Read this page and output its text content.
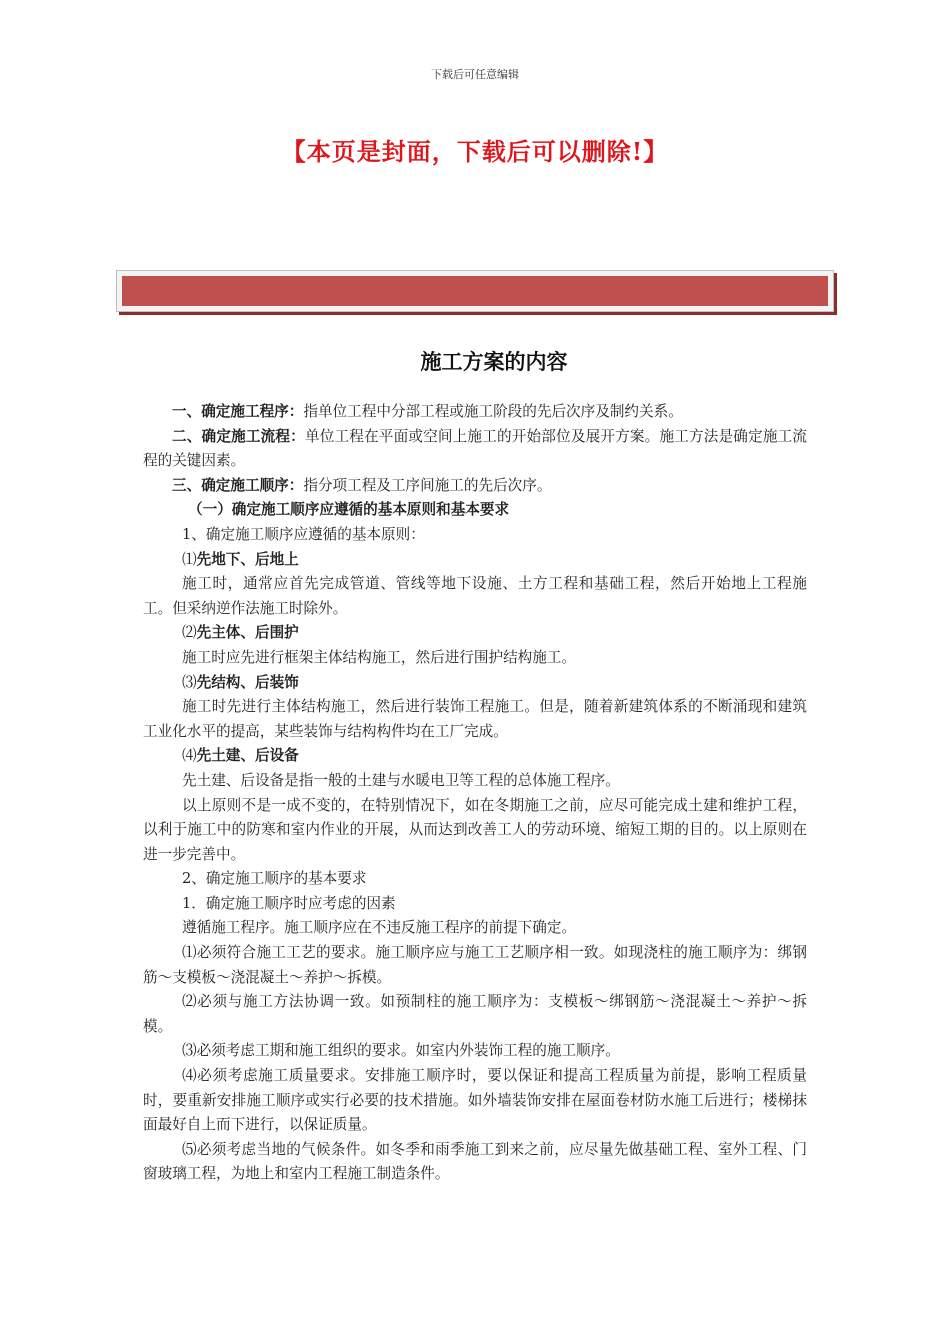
下载后可任意编辑
【本页是封面，下载后可以删除!】
施工方案的内容

一、确定施工程序：指单位工程中分部工程或施工阶段的先后次序及制约关系。

二、确定施工流程：单位工程在平面或空间上施工的开始部位及展开方案。施工方法是确定施工流程的关键因素。

三、确定施工顺序：指分项工程及工序间施工的先后次序。

（一）确定施工顺序应遵循的基本原则和基本要求

1、确定施工顺序应遵循的基本原则：

⑴先地下、后地上

施工时，通常应首先完成管道、管线等地下设施、土方工程和基础工程，然后开始地上工程施工。但采纳逆作法施工时除外。

⑵先主体、后围护

施工时应先进行框架主体结构施工，然后进行围护结构施工。

⑶先结构、后装饰

施工时先进行主体结构施工，然后进行装饰工程施工。但是，随着新建筑体系的不断涌现和建筑工业化水平的提高，某些装饰与结构构件均在工厂完成。

⑷先土建、后设备

先土建、后设备是指一般的土建与水暖电卫等工程的总体施工程序。

以上原则不是一成不变的，在特别情况下，如在冬期施工之前，应尽可能完成土建和维护工程，以利于施工中的防寒和室内作业的开展，从而达到改善工人的劳动环境、缩短工期的目的。以上原则在进一步完善中。

2、确定施工顺序的基本要求

1．确定施工顺序时应考虑的因素

遵循施工程序。施工顺序应在不违反施工程序的前提下确定。

⑴必须符合施工工艺的要求。施工顺序应与施工工艺顺序相一致。如现浇柱的施工顺序为：绑钢筋～支模板～浇混凝土～养护～拆模。

⑵必须与施工方法协调一致。如预制柱的施工顺序为：支模板～绑钢筋～浇混凝土～养护～拆模。

⑶必须考虑工期和施工组织的要求。如室内外装饰工程的施工顺序。

⑷必须考虑施工质量要求。安排施工顺序时，要以保证和提高工程质量为前提，影响工程质量时，要重新安排施工顺序或实行必要的技术措施。如外墙装饰安排在屋面卷材防水施工后进行；楼梯抹面最好自上而下进行，以保证质量。

⑸必须考虑当地的气候条件。如冬季和雨季施工到来之前，应尽量先做基础工程、室外工程、门窗玻璃工程，为地上和室内工程施工制造条件。
